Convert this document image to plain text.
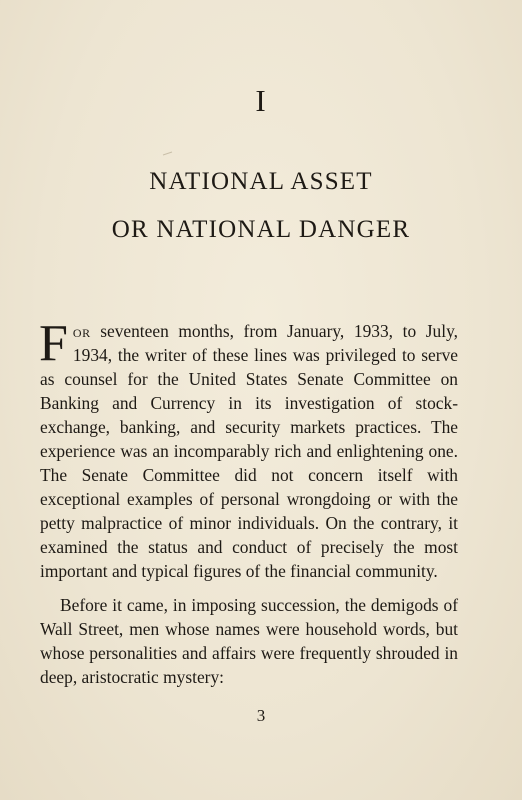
I
NATIONAL ASSET
OR NATIONAL DANGER

For seventeen months, from January, 1933, to July, 1934, the writer of these lines was privileged to serve as counsel for the United States Senate Committee on Banking and Currency in its investigation of stock-exchange, banking, and security markets practices. The experience was an incomparably rich and enlightening one. The Senate Committee did not concern itself with exceptional examples of personal wrongdoing or with the petty malpractice of minor individuals. On the contrary, it examined the status and conduct of precisely the most important and typical figures of the financial community.

Before it came, in imposing succession, the demigods of Wall Street, men whose names were household words, but whose personalities and affairs were frequently shrouded in deep, aristocratic mystery:

3
